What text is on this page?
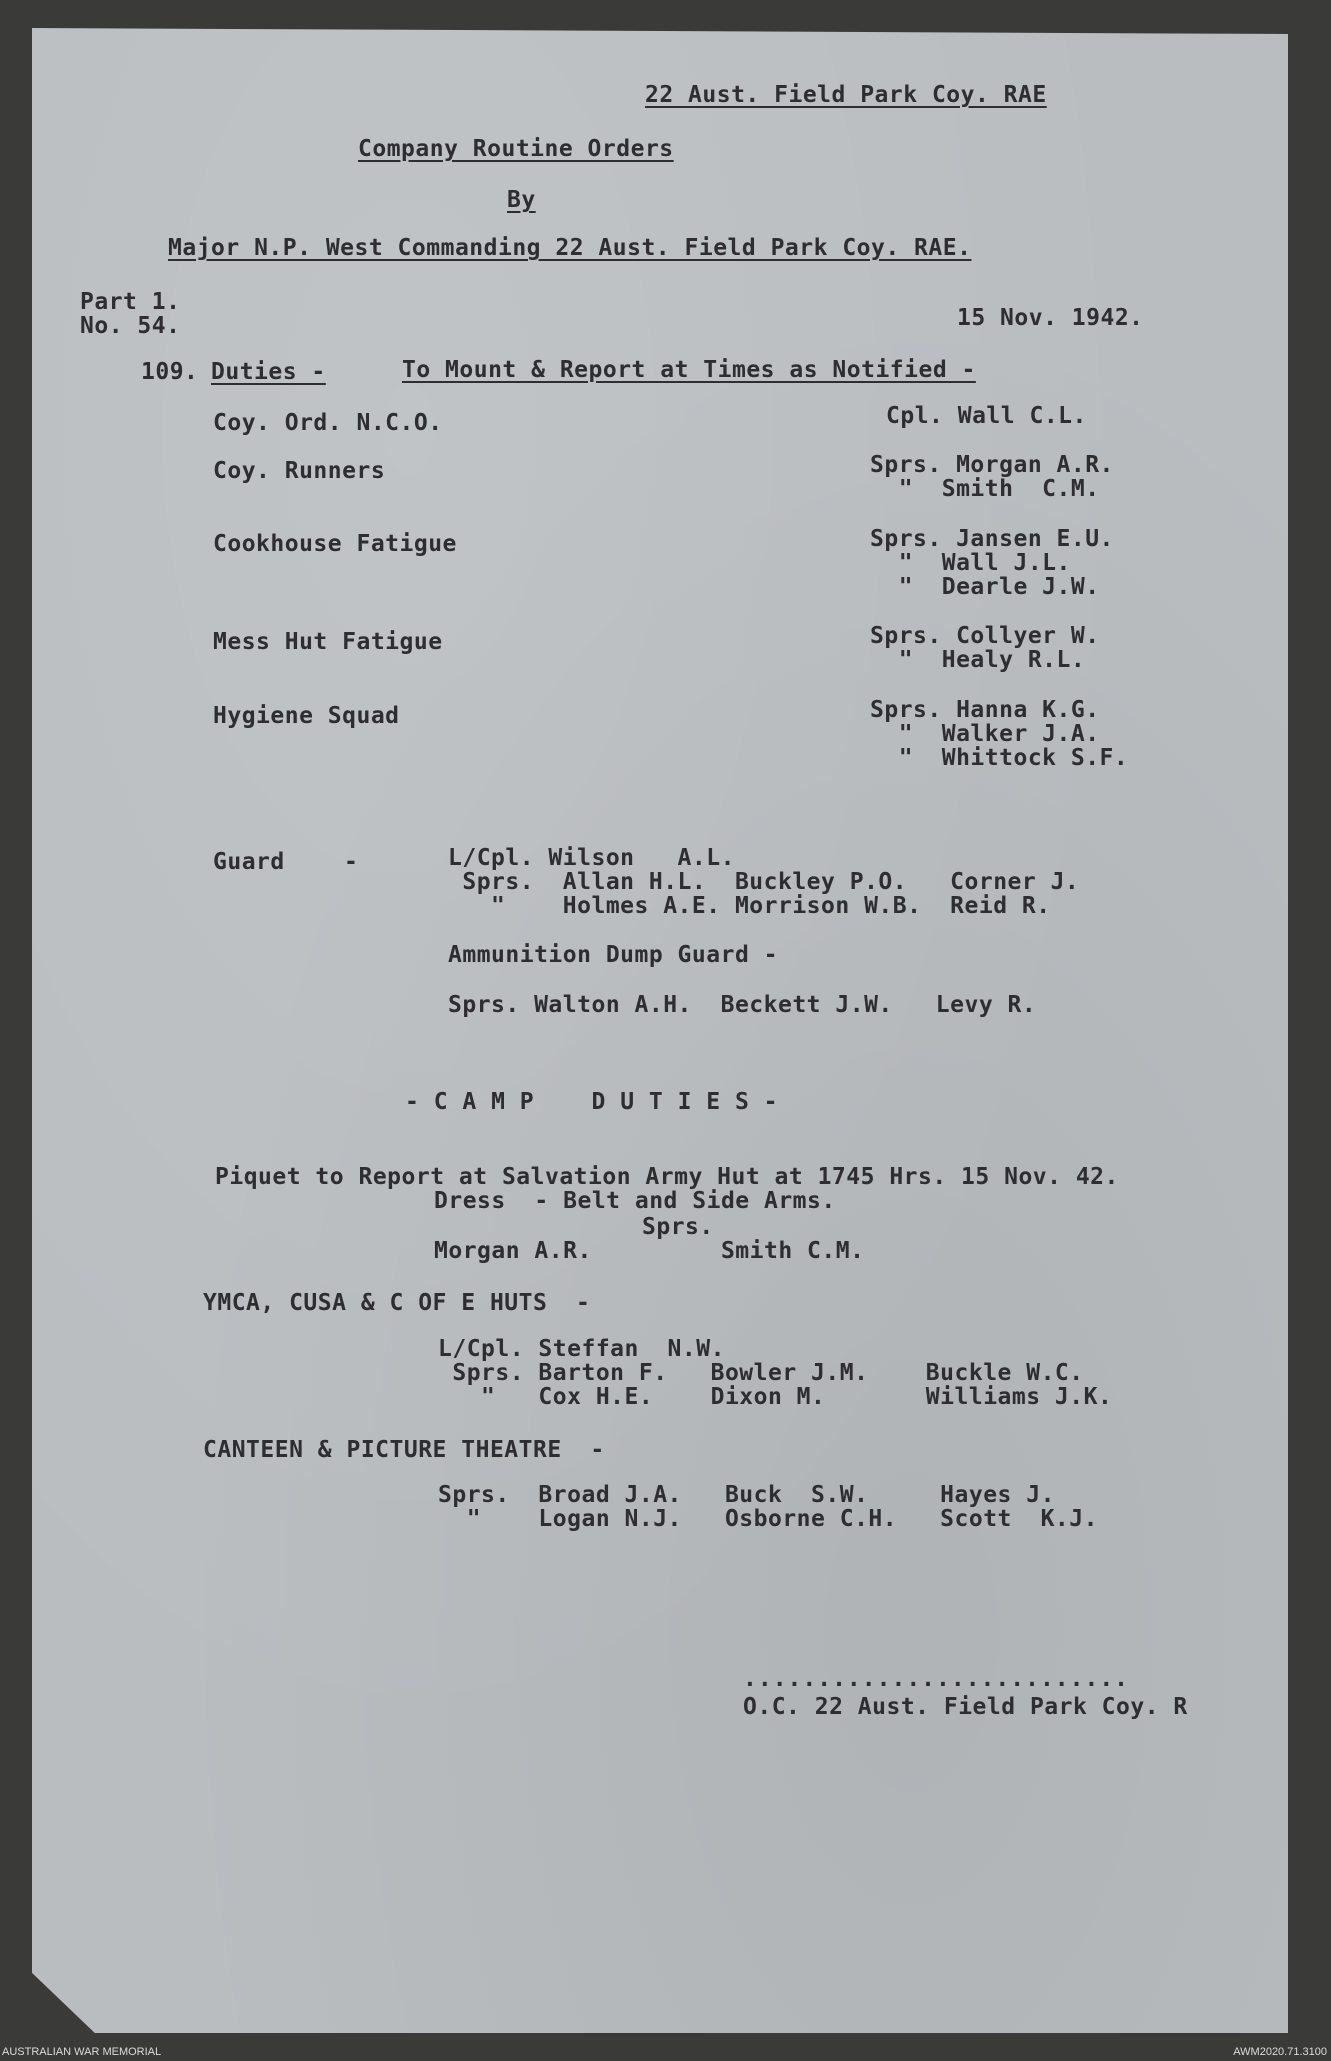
22 Aust. Field Park Coy. RAE
Company Routine Orders
By
Major N.P. West Commanding 22 Aust. Field Park Coy. RAE.
Part 1.
No. 54.	15 Nov. 1942.
109. Duties -	To Mount & Report at Times as Notified -
Coy. Ord. N.C.O.	Cpl. Wall C.L.
Coy. Runners	Sprs. Morgan A.R.
"  Smith  C.M.
Cookhouse Fatigue	Sprs. Jansen E.U.
"  Wall J.L.
"  Dearle J.W.
Mess Hut Fatigue	Sprs. Collyer W.
"  Healy R.L.
Hygiene Squad	Sprs. Hanna K.G.
"  Walker J.A.
"  Whittock S.F.
Guard	-	L/Cpl. Wilson   A.L.
Sprs.  Allan H.L.  Buckley P.O.   Corner J.
"    Holmes A.E. Morrison W.B.  Reid R.
Ammunition Dump Guard -
Sprs. Walton A.H.  Beckett J.W.   Levy R.
- C A M P    D U T I E S -
Piquet to Report at Salvation Army Hut at 1745 Hrs. 15 Nov. 42.
Dress  - Belt and Side Arms.
Sprs.
Morgan A.R.         Smith C.M.
YMCA, CUSA & C OF E HUTS  -
L/Cpl. Steffan  N.W.
Sprs. Barton F.   Bowler J.M.    Buckle W.C.
"   Cox H.E.    Dixon M.       Williams J.K.
CANTEEN & PICTURE THEATRE  -
Sprs.  Broad J.A.   Buck  S.W.     Hayes J.
"    Logan N.J.   Osborne C.H.   Scott  K.J.
..........................
O.C. 22 Aust. Field Park Coy. R
AUSTRALIAN WAR MEMORIAL	AWM2020.71.3100
